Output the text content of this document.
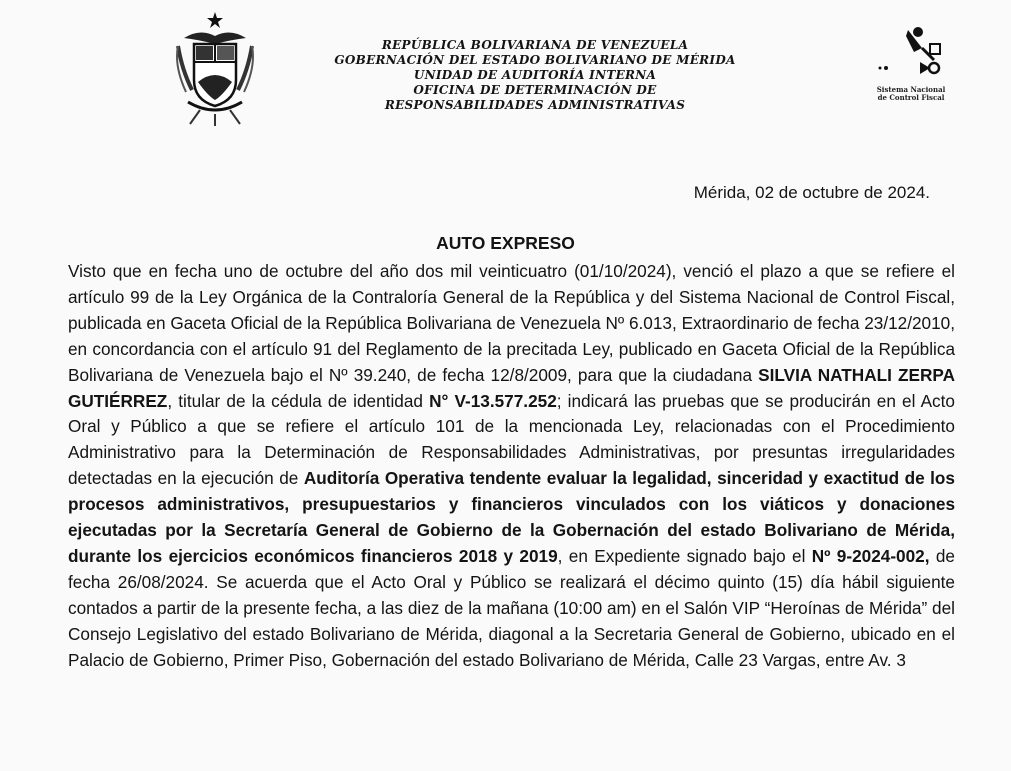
REPÚBLICA BOLIVARIANA DE VENEZUELA
GOBERNACIÓN DEL ESTADO BOLIVARIANO DE MÉRIDA
UNIDAD DE AUDITORÍA INTERNA
OFICINA DE DETERMINACIÓN DE
RESPONSABILIDADES ADMINISTRATIVAS
Sistema Nacional
de Control Fiscal
Mérida, 02 de octubre de 2024.
AUTO EXPRESO
Visto que en fecha uno de octubre del año dos mil veinticuatro (01/10/2024), venció el plazo a que se refiere el artículo 99 de la Ley Orgánica de la Contraloría General de la República y del Sistema Nacional de Control Fiscal, publicada en Gaceta Oficial de la República Bolivariana de Venezuela Nº 6.013, Extraordinario de fecha 23/12/2010, en concordancia con el artículo 91 del Reglamento de la precitada Ley, publicado en Gaceta Oficial de la República Bolivariana de Venezuela bajo el Nº 39.240, de fecha 12/8/2009, para que la ciudadana SILVIA NATHALI ZERPA GUTIÉRREZ, titular de la cédula de identidad N° V-13.577.252; indicará las pruebas que se producirán en el Acto Oral y Público a que se refiere el artículo 101 de la mencionada Ley, relacionadas con el Procedimiento Administrativo para la Determinación de Responsabilidades Administrativas, por presuntas irregularidades detectadas en la ejecución de Auditoría Operativa tendente evaluar la legalidad, sinceridad y exactitud de los procesos administrativos, presupuestarios y financieros vinculados con los viáticos y donaciones ejecutadas por la Secretaría General de Gobierno de la Gobernación del estado Bolivariano de Mérida, durante los ejercicios económicos financieros 2018 y 2019, en Expediente signado bajo el Nº 9-2024-002, de fecha 26/08/2024. Se acuerda que el Acto Oral y Público se realizará el décimo quinto (15) día hábil siguiente contados a partir de la presente fecha, a las diez de la mañana (10:00 am) en el Salón VIP “Heroínas de Mérida” del Consejo Legislativo del estado Bolivariano de Mérida, diagonal a la Secretaria General de Gobierno, ubicado en el Palacio de Gobierno, Primer Piso, Gobernación del estado Bolivariano de Mérida, Calle 23 Vargas, entre Av. 3
